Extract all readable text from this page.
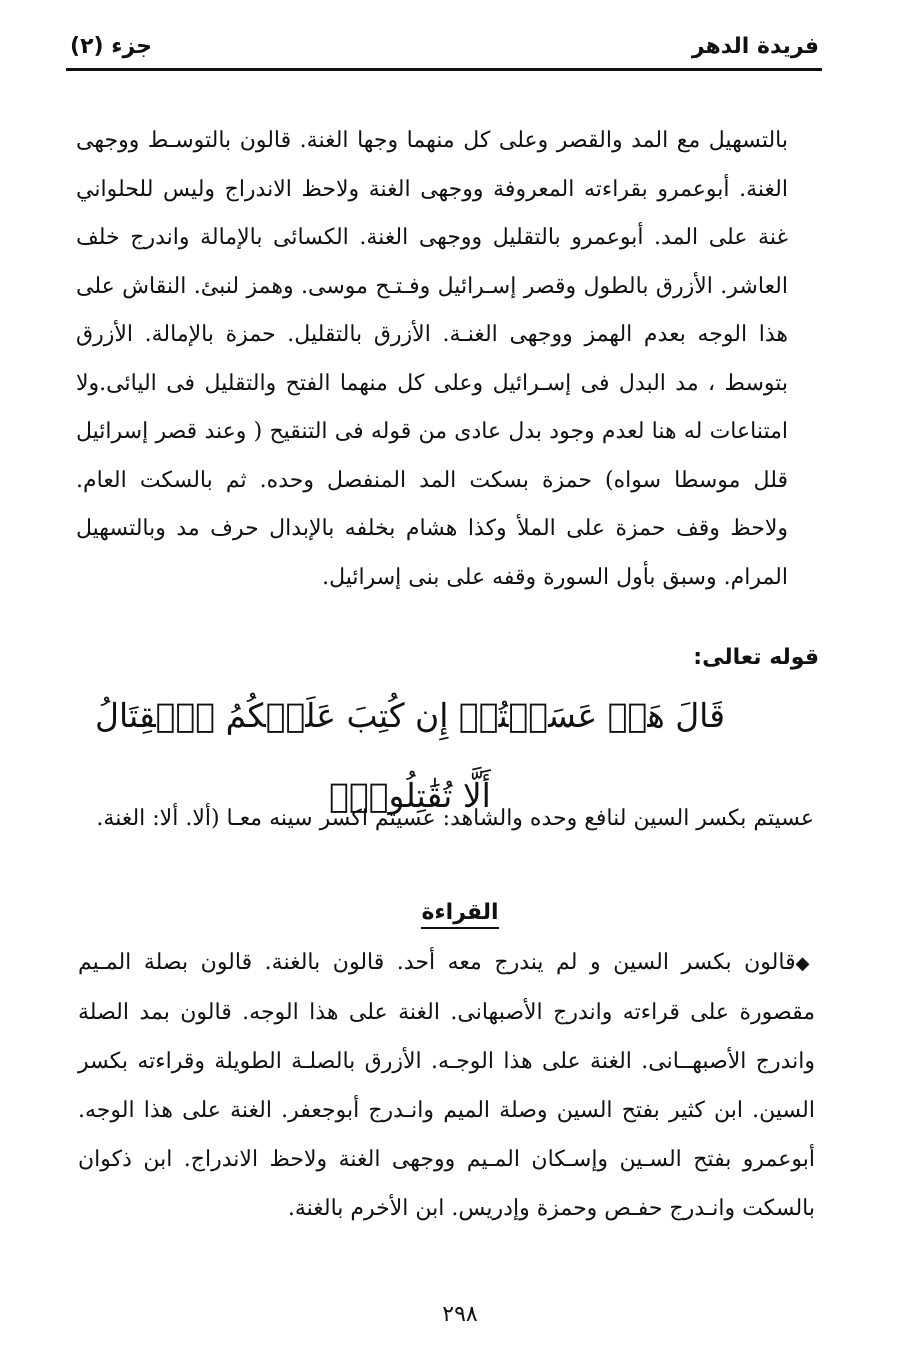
فريدة الدهر
جزء (٢)

بالتسهيل مع المد والقصر وعلى كل منهما وجها الغنة. قالون بالتوسـط ووجهى الغنة. أبوعمرو بقراءته المعروفة ووجهى الغنة ولاحظ الاندراج وليس للحلواني غنة على المد. أبوعمرو بالتقليل ووجهى الغنة. الكسائى بالإمالة واندرج خلف العاشر. الأزرق بالطول وقصر إسـرائيل وفـتـح موسى. وهمز لنبئ. النقاش على هذا الوجه بعدم الهمز ووجهى الغنـة. الأزرق بالتقليل. حمزة بالإمالة. الأزرق بتوسط ، مد البدل فى إسـرائيل وعلى كل منهما الفتح والتقليل فى اليائى.ولا امتناعات له هنا لعدم وجود بدل عادى من قوله فى التنقيح ( وعند قصر إسرائيل قلل موسطا سواه) حمزة بسكت المد المنفصل وحده. ثم بالسكت العام. ولاحظ وقف حمزة على الملأ وكذا هشام بخلفه بالإبدال حرف مد وبالتسهيل المرام. وسبق بأول السورة وقفه على بنى إسرائيل.

قوله تعالى:

قَالَ هَلۡ عَسَيۡتُمۡ إِن كُتِبَ عَلَيۡكُمُ ٱلۡقِتَالُ أَلَّا تُقَٰتِلُواْۖ

عسيتم بكسر السين لنافع وحده والشاهد: عسيتم اكسر سينه معـا (ألا. ألا: الغنة.

القراءة

◆قالون بكسر السين و لم يندرج معه أحد. قالون بالغنة. قالون بصلة المـيم مقصورة على قراءته واندرج الأصبهانى. الغنة على هذا الوجه. قالون بمد الصلة واندرج الأصبهــانى. الغنة على هذا الوجـه. الأزرق بالصلـة الطويلة وقراءته بكسر السين. ابن كثير بفتح السين وصلة الميم وانـدرج أبوجعفر. الغنة على هذا الوجه. أبوعمرو بفتح السـين وإسـكان المـيم ووجهى الغنة ولاحظ الاندراج. ابن ذكوان بالسكت وانـدرج حفـص وحمزة وإدريس. ابن الأخرم بالغنة.

٢٩٨
